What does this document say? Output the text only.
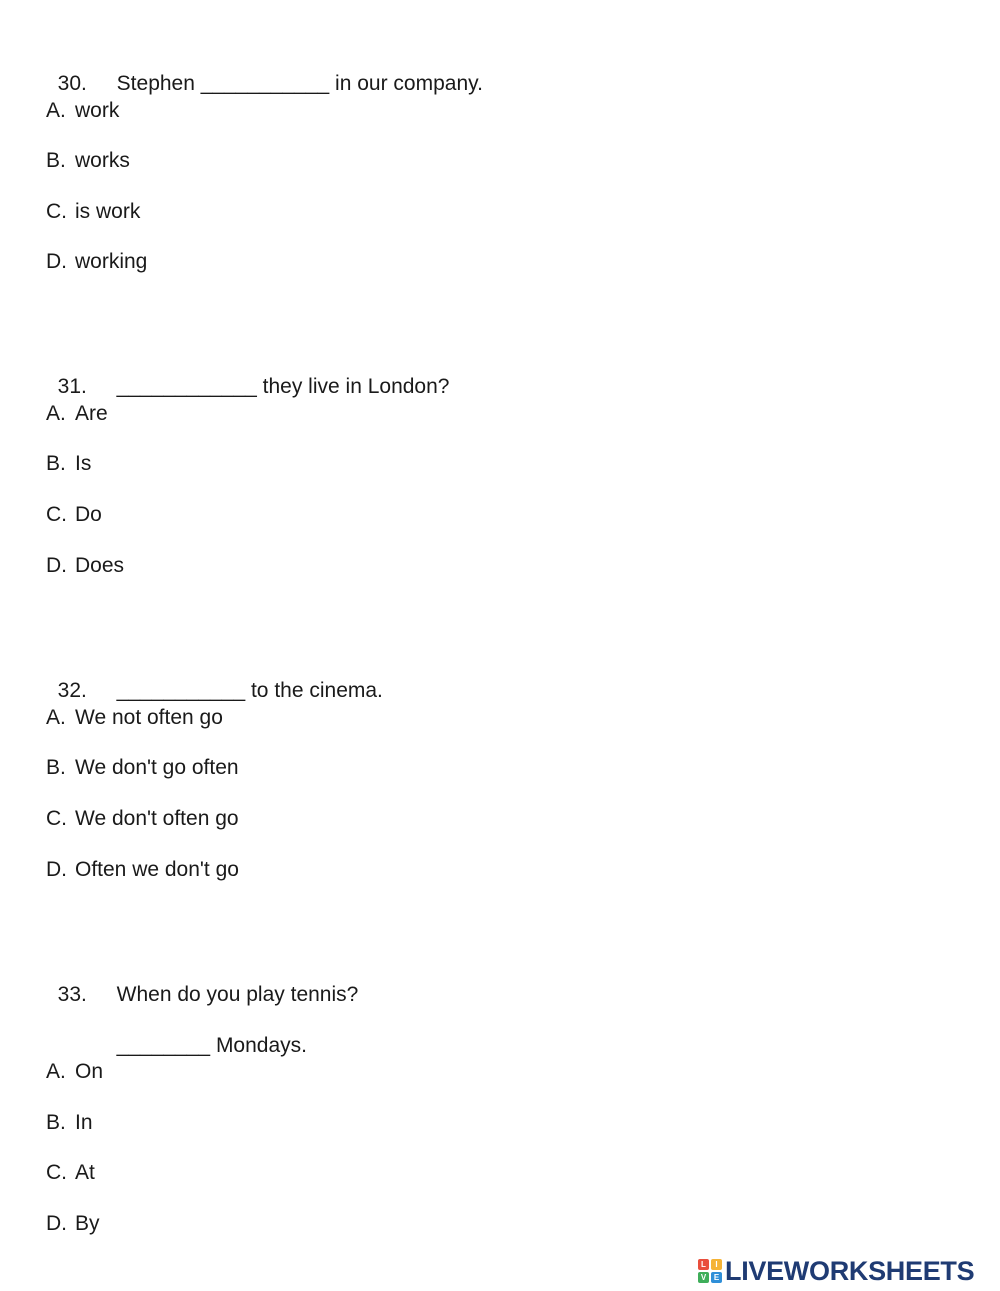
30. Stephen ___________ in our company.

A. work
B. works
C. is work
D. working

31. ____________ they live in London?

A. Are
B. Is
C. Do
D. Does

32. ___________ to the cinema.

A. We not often go
B. We don't go often
C. We don't often go
D. Often we don't go

33. When do you play tennis?

________ Mondays.

A. On
B. In
C. At
D. By
L	I
V E LIVEWORKSHEETS
